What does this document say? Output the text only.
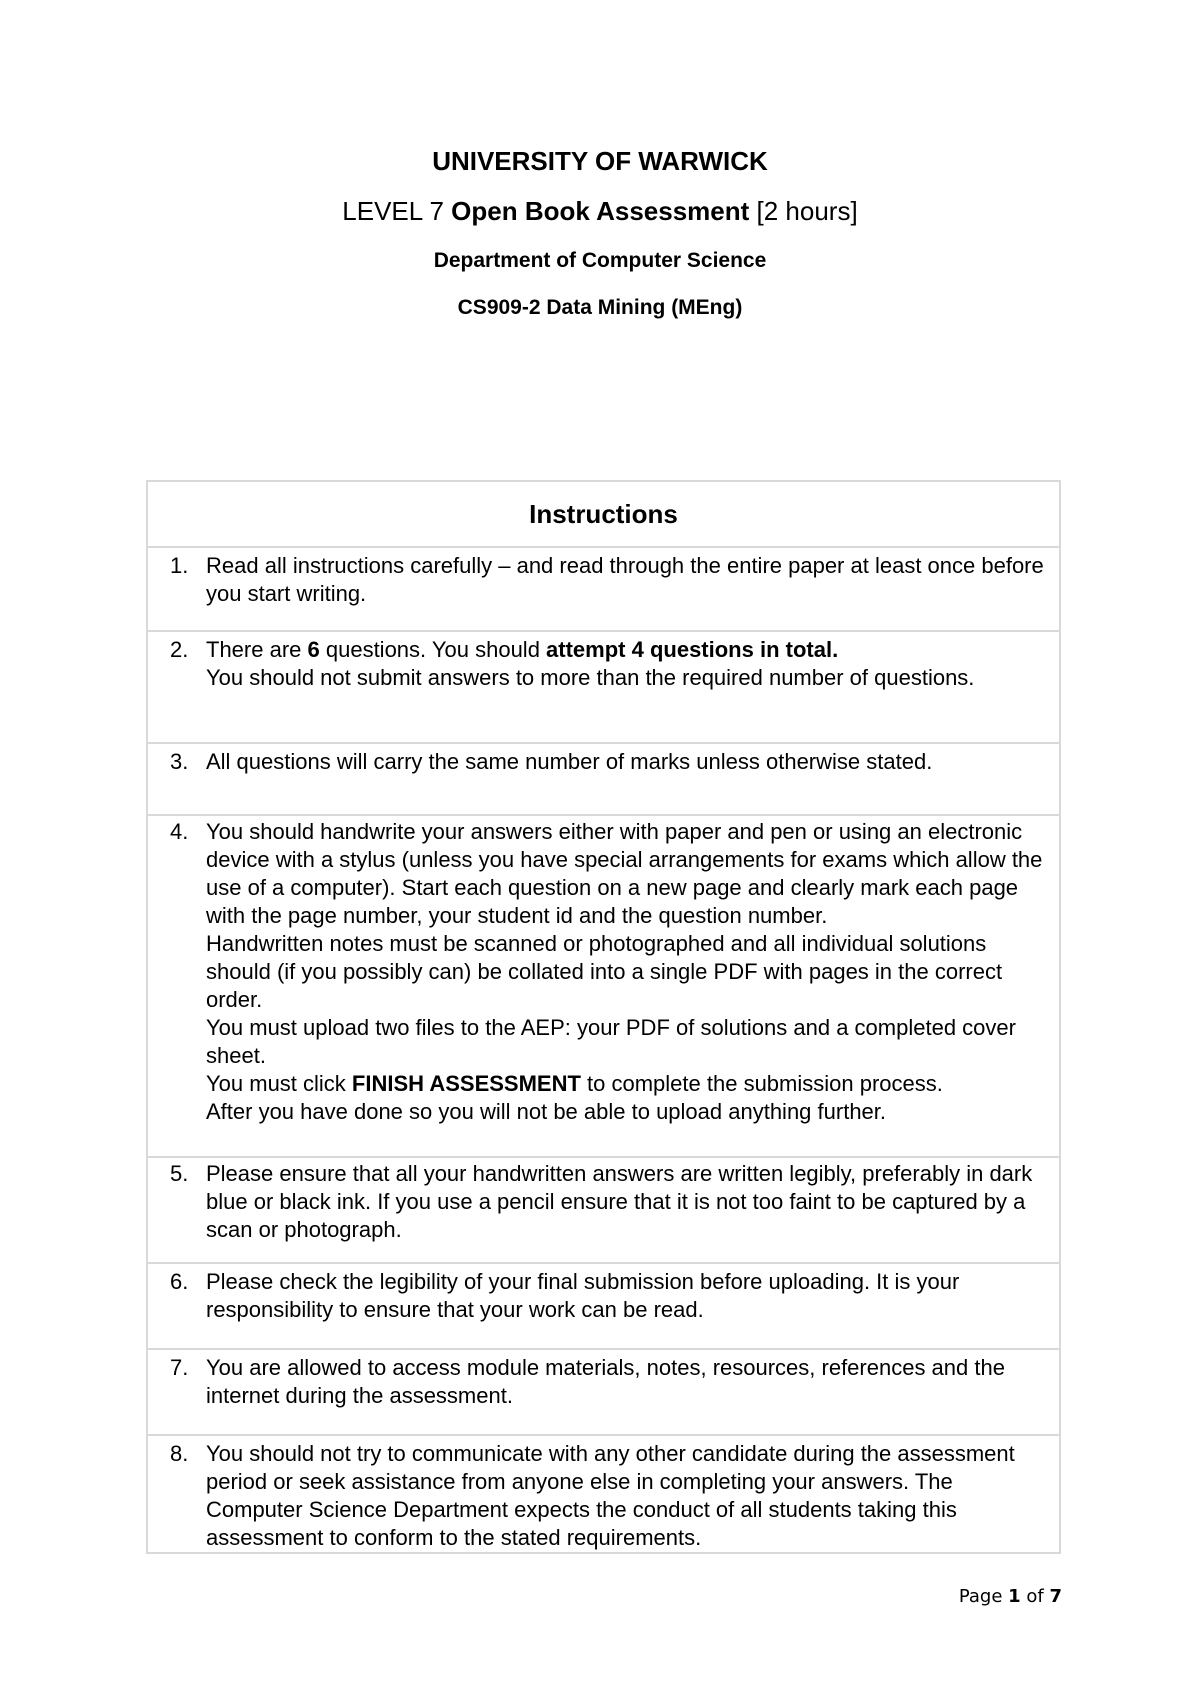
UNIVERSITY OF WARWICK
LEVEL 7 Open Book Assessment [2 hours]
Department of Computer Science
CS909-2 Data Mining (MEng)
Instructions

1. Read all instructions carefully – and read through the entire paper at least once before you start writing.

2. There are 6 questions. You should attempt 4 questions in total.
You should not submit answers to more than the required number of questions.

3. All questions will carry the same number of marks unless otherwise stated.

4. You should handwrite your answers either with paper and pen or using an electronic device with a stylus (unless you have special arrangements for exams which allow the use of a computer). Start each question on a new page and clearly mark each page with the page number, your student id and the question number.
Handwritten notes must be scanned or photographed and all individual solutions should (if you possibly can) be collated into a single PDF with pages in the correct order.
You must upload two files to the AEP: your PDF of solutions and a completed cover sheet.
You must click FINISH ASSESSMENT to complete the submission process.
After you have done so you will not be able to upload anything further.

5. Please ensure that all your handwritten answers are written legibly, preferably in dark blue or black ink. If you use a pencil ensure that it is not too faint to be captured by a scan or photograph.

6. Please check the legibility of your final submission before uploading. It is your responsibility to ensure that your work can be read.

7. You are allowed to access module materials, notes, resources, references and the internet during the assessment.

8. You should not try to communicate with any other candidate during the assessment period or seek assistance from anyone else in completing your answers. The Computer Science Department expects the conduct of all students taking this assessment to conform to the stated requirements.
Page 1 of 7
